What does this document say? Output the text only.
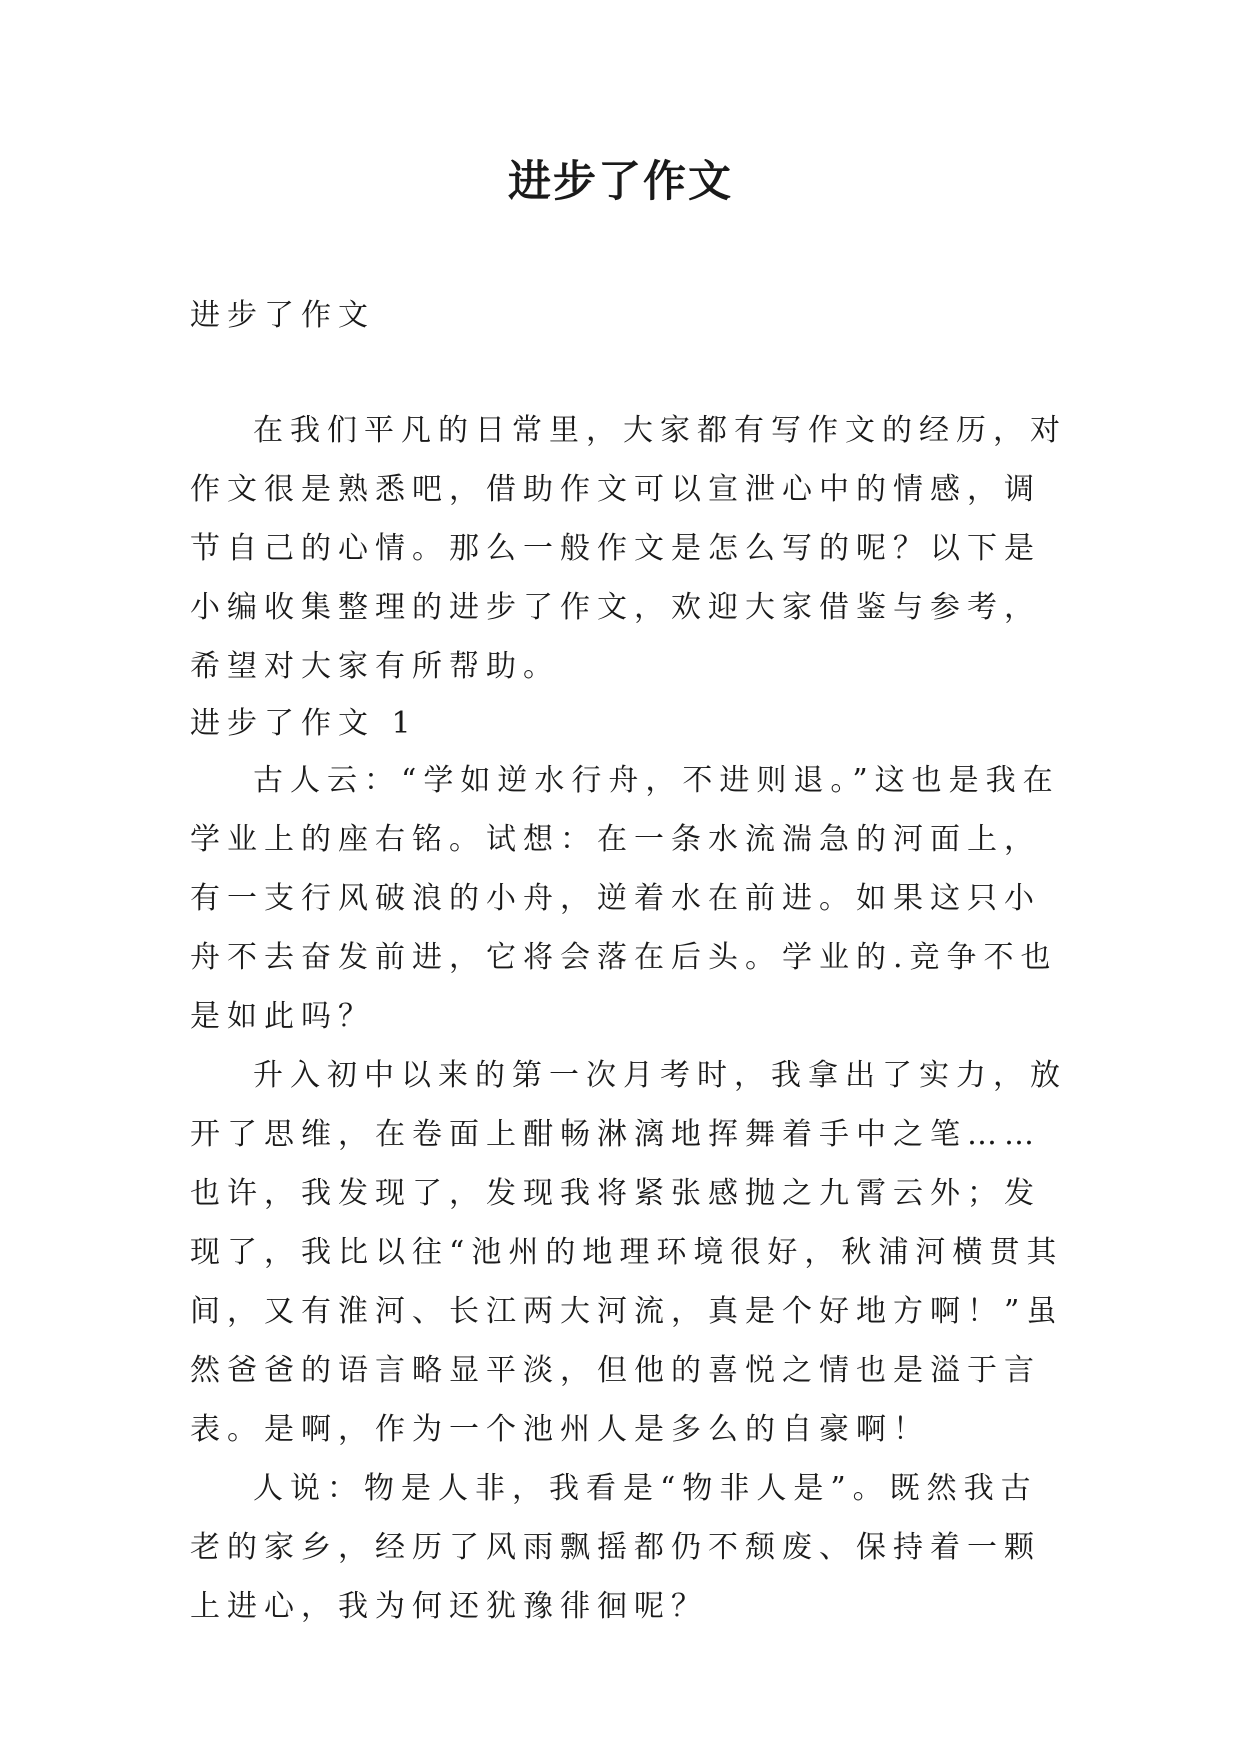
进步了作文

进步了作文

在我们平凡的日常里，大家都有写作文的经历，对作文很是熟悉吧，借助作文可以宣泄心中的情感，调节自己的心情。那么一般作文是怎么写的呢？以下是小编收集整理的进步了作文，欢迎大家借鉴与参考，希望对大家有所帮助。

进步了作文 1

古人云：“学如逆水行舟，不进则退。”这也是我在学业上的座右铭。试想：在一条水流湍急的河面上，有一支行风破浪的小舟，逆着水在前进。如果这只小舟不去奋发前进，它将会落在后头。学业的.竞争不也是如此吗？

升入初中以来的第一次月考时，我拿出了实力，放开了思维，在卷面上酣畅淋漓地挥舞着手中之笔……也许，我发现了，发现我将紧张感抛之九霄云外；发现了，我比以往“池州的地理环境很好，秋浦河横贯其间，又有淮河、长江两大河流，真是个好地方啊！”虽然爸爸的语言略显平淡，但他的喜悦之情也是溢于言表。是啊，作为一个池州人是多么的自豪啊！

人说：物是人非，我看是“物非人是”。既然我古老的家乡，经历了风雨飘摇都仍不颓废、保持着一颗上进心，我为何还犹豫徘徊呢？
